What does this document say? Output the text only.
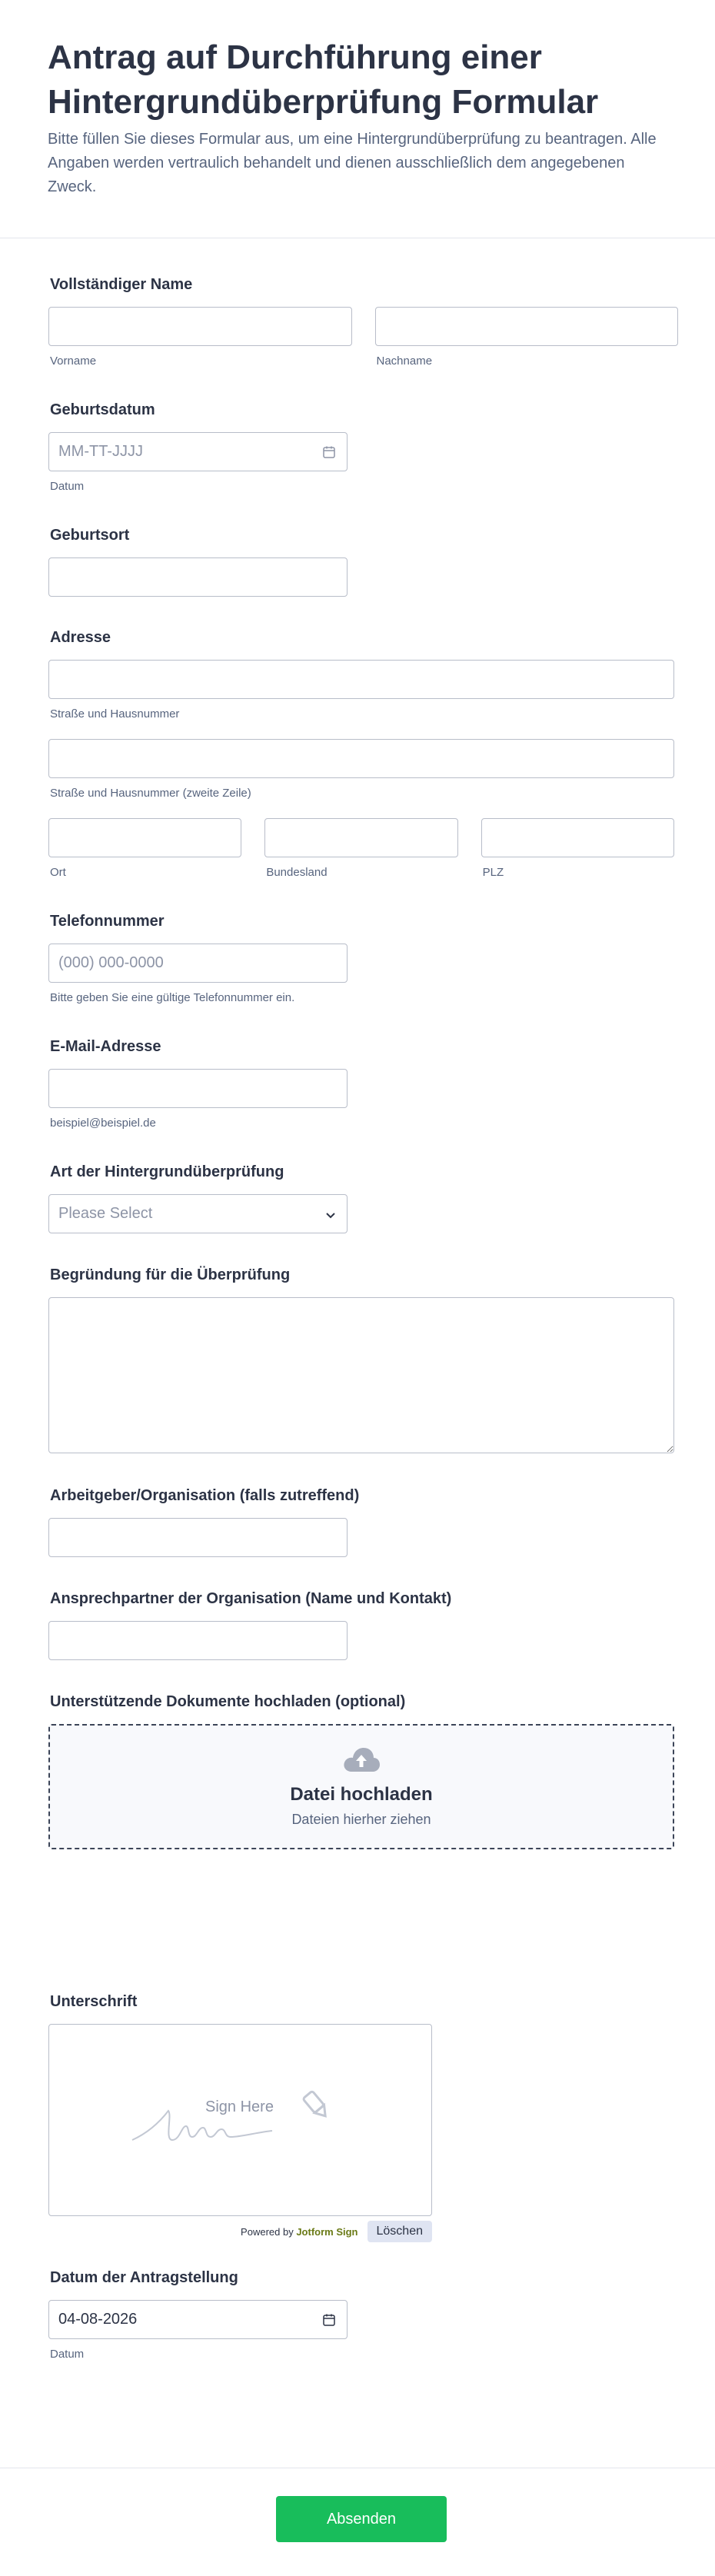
Antrag auf Durchführung einer Hintergrundüberprüfung Formular

Bitte füllen Sie dieses Formular aus, um eine Hintergrundüberprüfung zu beantragen. Alle Angaben werden vertraulich behandelt und dienen ausschließlich dem angegebenen Zweck.

Vollständiger Name
Vorname	Nachname
Geburtsdatum
MM-TT-JJJJ
Datum
Geburtsort
Adresse
Straße und Hausnummer
Straße und Hausnummer (zweite Zeile)
Ort	Bundesland	PLZ
Telefonnummer
(000) 000-0000
Bitte geben Sie eine gültige Telefonnummer ein.
E-Mail-Adresse
beispiel@beispiel.de
Art der Hintergrundüberprüfung
Please Select
Begründung für die Überprüfung
Arbeitgeber/Organisation (falls zutreffend)
Ansprechpartner der Organisation (Name und Kontakt)
Unterstützende Dokumente hochladen (optional)
Datei hochladen
Dateien hierher ziehen
Unterschrift
Sign Here
Powered by Jotform Sign	Löschen
Datum der Antragstellung
04-08-2026
Datum
Absenden
